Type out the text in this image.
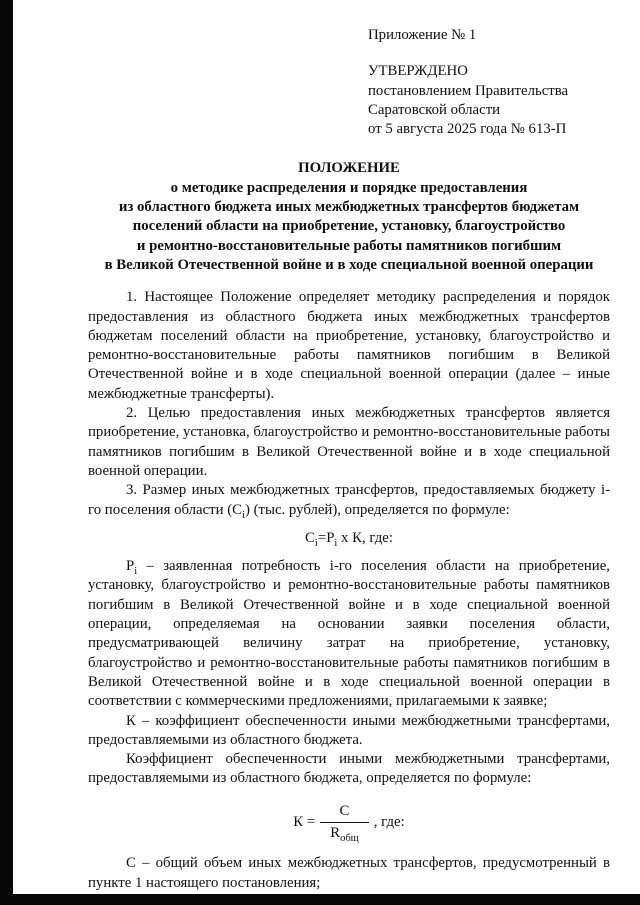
Приложение № 1
УТВЕРЖДЕНО
постановлением Правительства
Саратовской области
от 5 августа 2025 года № 613-П
ПОЛОЖЕНИЕ
о методике распределения и порядке предоставления
из областного бюджета иных межбюджетных трансфертов бюджетам
поселений области на приобретение, установку, благоустройство
и ремонтно-восстановительные работы памятников погибшим
в Великой Отечественной войне и в ходе специальной военной операции

1. Настоящее Положение определяет методику распределения и порядок предоставления из областного бюджета иных межбюджетных трансфертов бюджетам поселений области на приобретение, установку, благоустройство и ремонтно-восстановительные работы памятников погибшим в Великой Отечественной войне и в ходе специальной военной операции (далее – иные межбюджетные трансферты).

2. Целью предоставления иных межбюджетных трансфертов является приобретение, установка, благоустройство и ремонтно-восстановительные работы памятников погибшим в Великой Отечественной войне и в ходе специальной военной операции.

3. Размер иных межбюджетных трансфертов, предоставляемых бюджету i-го поселения области $(С_i)$ (тыс. рублей), определяется по формуле:

$С_i=Р_i$ х К, где:

$Р_i$ – заявленная потребность i-го поселения области на приобретение, установку, благоустройство и ремонтно-восстановительные работы памятников погибшим в Великой Отечественной войне и в ходе специальной военной операции, определяемая на основании заявки поселения области, предусматривающей величину затрат на приобретение, установку, благоустройство и ремонтно-восстановительные работы памятников погибшим в Великой Отечественной войне и в ходе специальной военной операции в соответствии с коммерческими предложениями, прилагаемыми к заявке;

К – коэффициент обеспеченности иными межбюджетными трансфертами, предоставляемыми из областного бюджета.

Коэффициент обеспеченности иными межбюджетными трансфертами, предоставляемыми из областного бюджета, определяется по формуле:

$К = \frac{С}{R_{общ}}$ , где:

С – общий объем иных межбюджетных трансфертов, предусмотренный в пункте 1 настоящего постановления;
